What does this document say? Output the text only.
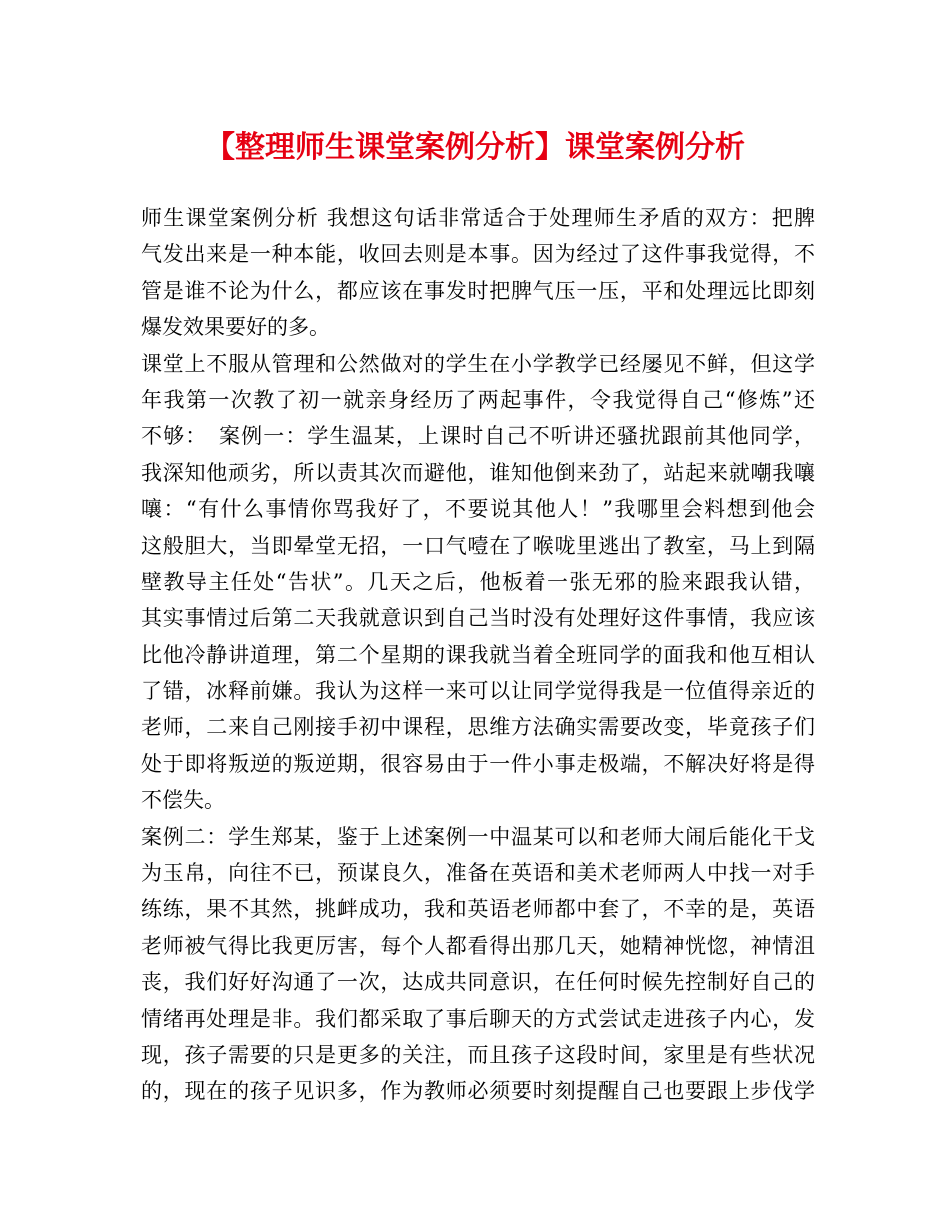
【整理师生课堂案例分析】课堂案例分析
师生课堂案例分析 我想这句话非常适合于处理师生矛盾的双方：把脾
气发出来是一种本能，收回去则是本事。因为经过了这件事我觉得，不
管是谁不论为什么，都应该在事发时把脾气压一压，平和处理远比即刻
爆发效果要好的多。
课堂上不服从管理和公然做对的学生在小学教学已经屡见不鲜，但这学
年我第一次教了初一就亲身经历了两起事件，令我觉得自己“修炼”还
不够：　案例一：学生温某，上课时自己不听讲还骚扰跟前其他同学，
我深知他顽劣，所以责其次而避他，谁知他倒来劲了，站起来就嘲我嚷
嚷：“有什么事情你骂我好了，不要说其他人！”我哪里会料想到他会
这般胆大，当即晕堂无招，一口气噎在了喉咙里逃出了教室，马上到隔
壁教导主任处“告状”。几天之后，他板着一张无邪的脸来跟我认错，
其实事情过后第二天我就意识到自己当时没有处理好这件事情，我应该
比他冷静讲道理，第二个星期的课我就当着全班同学的面我和他互相认
了错，冰释前嫌。我认为这样一来可以让同学觉得我是一位值得亲近的
老师，二来自己刚接手初中课程，思维方法确实需要改变，毕竟孩子们
处于即将叛逆的叛逆期，很容易由于一件小事走极端，不解决好将是得
不偿失。
案例二：学生郑某，鉴于上述案例一中温某可以和老师大闹后能化干戈
为玉帛，向往不已，预谋良久，准备在英语和美术老师两人中找一对手
练练，果不其然，挑衅成功，我和英语老师都中套了，不幸的是，英语
老师被气得比我更厉害，每个人都看得出那几天，她精神恍惚，神情沮
丧，我们好好沟通了一次，达成共同意识，在任何时候先控制好自己的
情绪再处理是非。我们都采取了事后聊天的方式尝试走进孩子内心，发
现，孩子需要的只是更多的关注，而且孩子这段时间，家里是有些状况
的，现在的孩子见识多，作为教师必须要时刻提醒自己也要跟上步伐学
